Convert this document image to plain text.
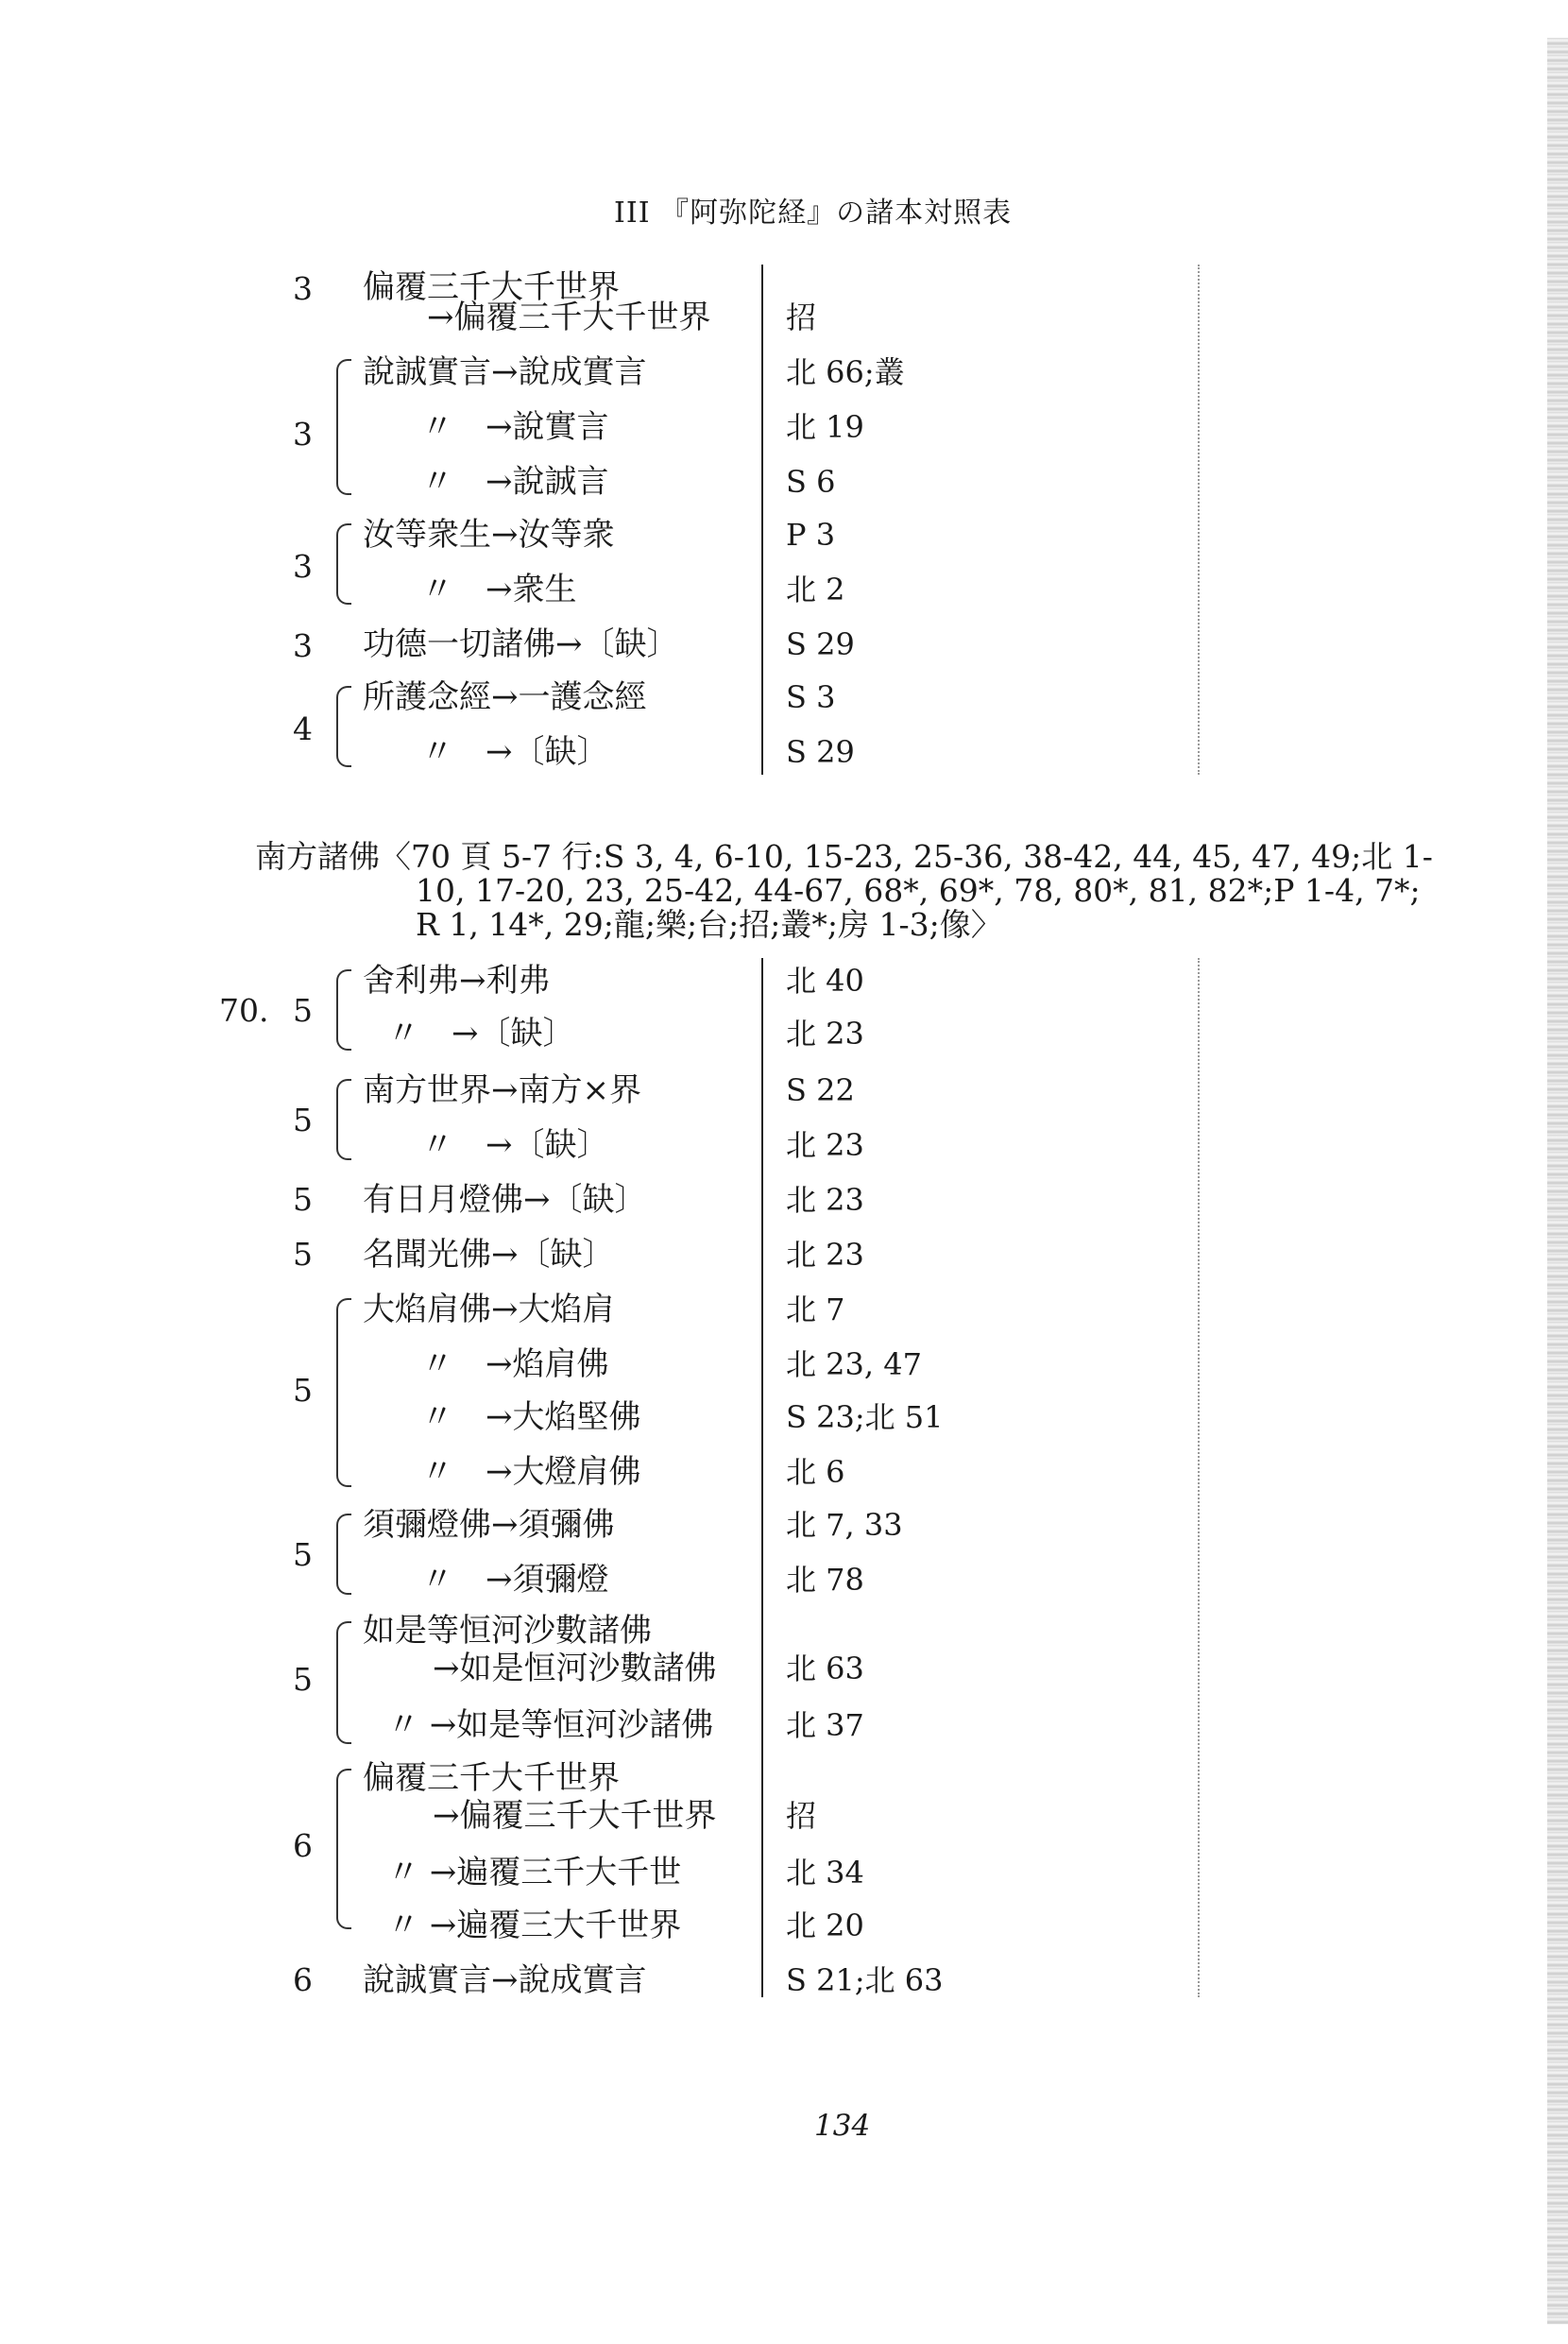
III 『阿弥陀経』の諸本対照表
3 偏覆三千大千世界
→偏覆三千大千世界 招
3
說誠實言→說成實言	北 66;叢
〃　→說實言	北 19
〃　→說誠言	S 6
3
汝等衆生→汝等衆	P 3
〃　→衆生	北 2
3 功德一切諸佛→〔缺〕	S 29
4
所護念經→一護念經	S 3
〃　→〔缺〕	S 29
南方諸佛〈70 頁 5-7 行:S 3, 4, 6-10, 15-23, 25-36, 38-42, 44, 45, 47, 49;北 1-
10, 17-20, 23, 25-42, 44-67, 68*, 69*, 78, 80*, 81, 82*;P 1-4, 7*;
R 1, 14*, 29;龍;樂;台;招;叢*;房 1-3;像〉
70. 5
舍利弗→利弗	北 40
〃　→〔缺〕	北 23
5
南方世界→南方×界	S 22
〃　→〔缺〕	北 23
5 有日月燈佛→〔缺〕	北 23
5 名聞光佛→〔缺〕	北 23
5
大焰肩佛→大焰肩	北 7
〃　→焰肩佛	北 23, 47
〃　→大焰堅佛	S 23;北 51
〃　→大燈肩佛	北 6
5
須彌燈佛→須彌佛	北 7, 33
〃　→須彌燈	北 78
5
如是等恒河沙數諸佛
→如是恒河沙數諸佛 北 63
〃 →如是等恒河沙諸佛 北 37
6
偏覆三千大千世界
→偏覆三千大千世界 招
〃 →遍覆三千大千世	北 34
〃 →遍覆三大千世界	北 20
6 說誠實言→說成實言	S 21;北 63
134
